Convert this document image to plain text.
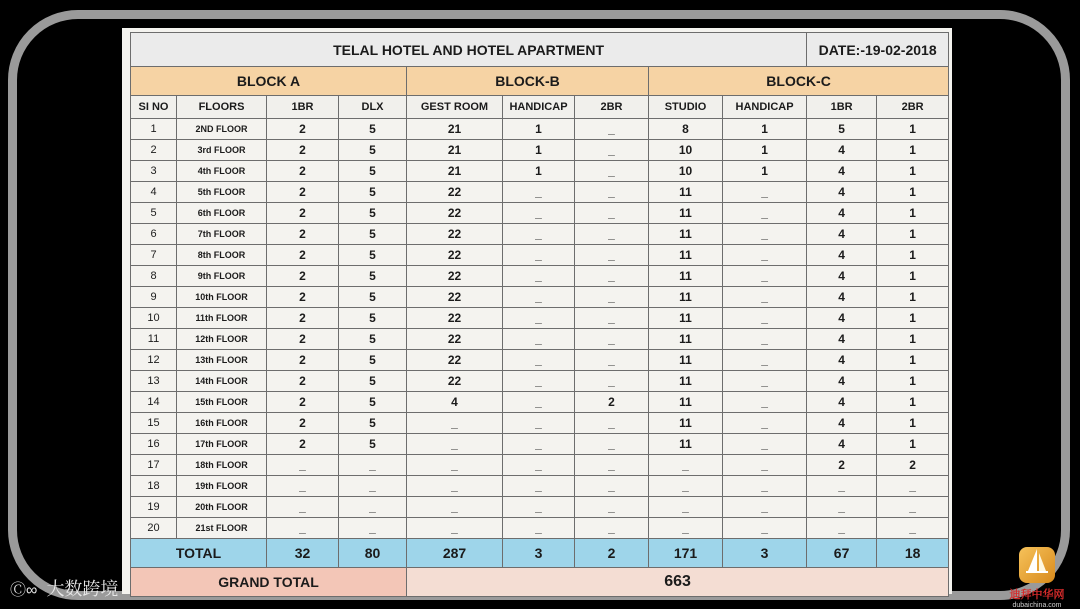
TELAL HOTEL AND HOTEL APARTMENT									DATE:-19-02-2018	
BLOCK A				BLOCK-B			BLOCK-C			
SI NO	FLOORS	1BR	DLX	GEST ROOM	HANDICAP	2BR	STUDIO	HANDICAP	1BR	2BR
1	2ND FLOOR	2	5	21	1	_	8	1	5	1
2	3rd FLOOR	2	5	21	1	_	10	1	4	1
3	4th FLOOR	2	5	21	1	_	10	1	4	1
4	5th FLOOR	2	5	22	_	_	11	_	4	1
5	6th FLOOR	2	5	22	_	_	11	_	4	1
6	7th FLOOR	2	5	22	_	_	11	_	4	1
7	8th FLOOR	2	5	22	_	_	11	_	4	1
8	9th FLOOR	2	5	22	_	_	11	_	4	1
9	10th FLOOR	2	5	22	_	_	11	_	4	1
10	11th FLOOR	2	5	22	_	_	11	_	4	1
11	12th FLOOR	2	5	22	_	_	11	_	4	1
12	13th FLOOR	2	5	22	_	_	11	_	4	1
13	14th FLOOR	2	5	22	_	_	11	_	4	1
14	15th FLOOR	2	5	4	_	2	11	_	4	1
15	16th FLOOR	2	5	_	_	_	11	_	4	1
16	17th FLOOR	2	5	_	_	_	11	_	4	1
17	18th FLOOR	_	_	_	_	_	_	_	2	2
18	19th FLOOR	_	_	_	_	_	_	_	_	_
19	20th FLOOR	_	_	_	_	_	_	_	_	_
20	21st FLOOR	_	_	_	_	_	_	_	_	_
TOTAL		32	80	287	3	2	171	3	67	18
GRAND TOTAL				663						
Ⓒ∞ 大数跨境	迪拜中华网
dubaichina.com
